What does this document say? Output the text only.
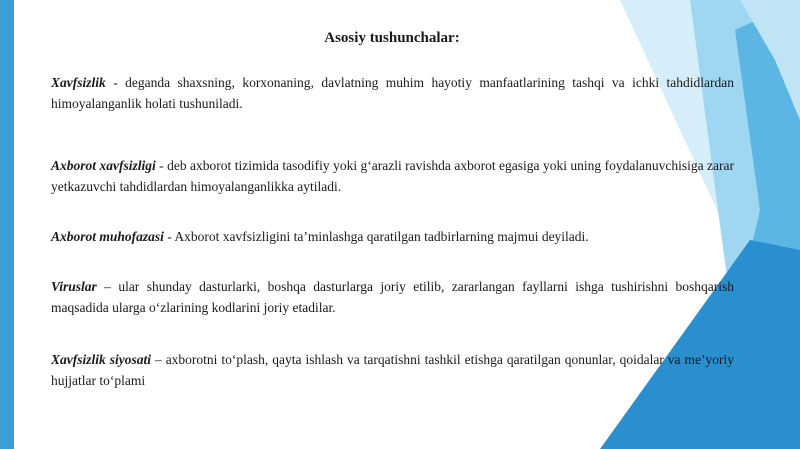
Asosiy tushunchalar:

Xavfsizlik - deganda shaxsning, korxonaning, davlatning muhim hayotiy manfaatlarining tashqi va ichki tahdidlardan himoyalanganlik holati tushuniladi.

Axborot xavfsizligi - deb axborot tizimida tasodifiy yoki g‘arazli ravishda axborot egasiga yoki uning foydalanuvchisiga zarar yetkazuvchi tahdidlardan himoyalanganlikka aytiladi.

Axborot muhofazasi - Axborot xavfsizligini ta’minlashga qaratilgan tadbirlarning majmui deyiladi.

Viruslar – ular shunday dasturlarki, boshqa dasturlarga joriy etilib, zararlangan fayllarni ishga tushirishni boshqarish maqsadida ularga o‘zlarining kodlarini joriy etadilar.

Xavfsizlik siyosati – axborotni to‘plash, qayta ishlash va tarqatishni tashkil etishga qaratilgan qonunlar, qoidalar va me’yoriy hujjatlar to‘plami
